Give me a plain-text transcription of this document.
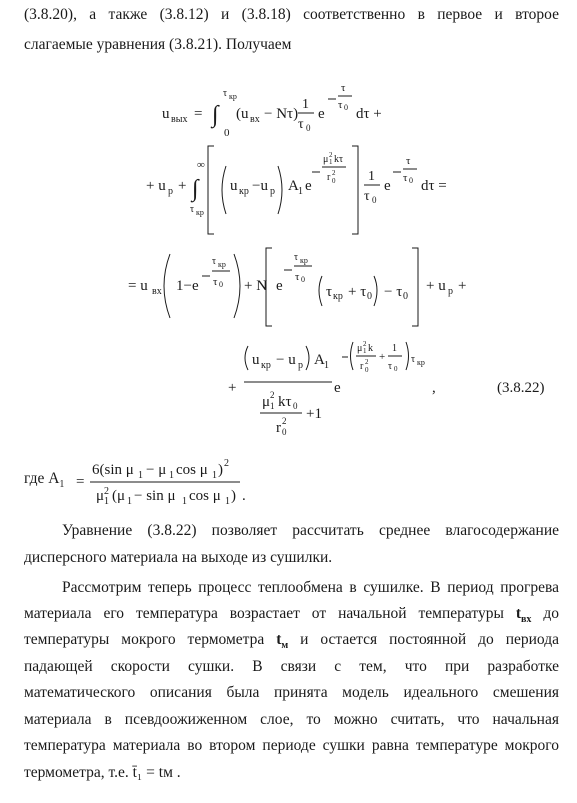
(3.8.20), а также (3.8.12) и (3.8.18) соответственно в первое и второе
слагаемые уравнения (3.8.21). Получаем
u вых = ∫
τ кр
0
(u вх − Nτ)
1
τ 0
e
τ
τ 0 dτ +
+ u р + ∫
∞
τ кр
u кр −u р A 1 e
μ 1
2 kτ
r 0
2 1
τ 0
e
τ
τ 0 dτ =
= u вх 1−e
τ кр
τ 0 + N e
τ кр
τ 0
τ кр + τ 0 − τ 0
+ u р +
+
u кр − u р A 1
μ 1
2 kτ 0
r 0
2 +1
e
μ 1
2 k
r 0
2 +
1
τ 0
τ кр
,	(3.8.22)
где $A_1$ =
6(sin μ 1 − μ 1 cos μ 1 ) 2
μ 1
2 (μ 1 − sin μ 1 cos μ 1 ) .
Уравнение (3.8.22) позволяет рассчитать среднее влагосодержание
дисперсного материала на выходе из сушилки.
Рассмотрим теперь процесс теплообмена в сушилке. В период прогрева
материала его температура возрастает от начальной температуры $t_{вх}$ до
температуры мокрого термометра $t_м$ и остается постоянной до периода
падающей скорости сушки. В связи с тем, что при разработке
математического описания была принята модель идеального смешения
материала в псевдоожиженном слое, то можно считать, что начальная
температура материала во втором периоде сушки равна температуре мокрого
термометра, т.е. t̄₁ = tм .
